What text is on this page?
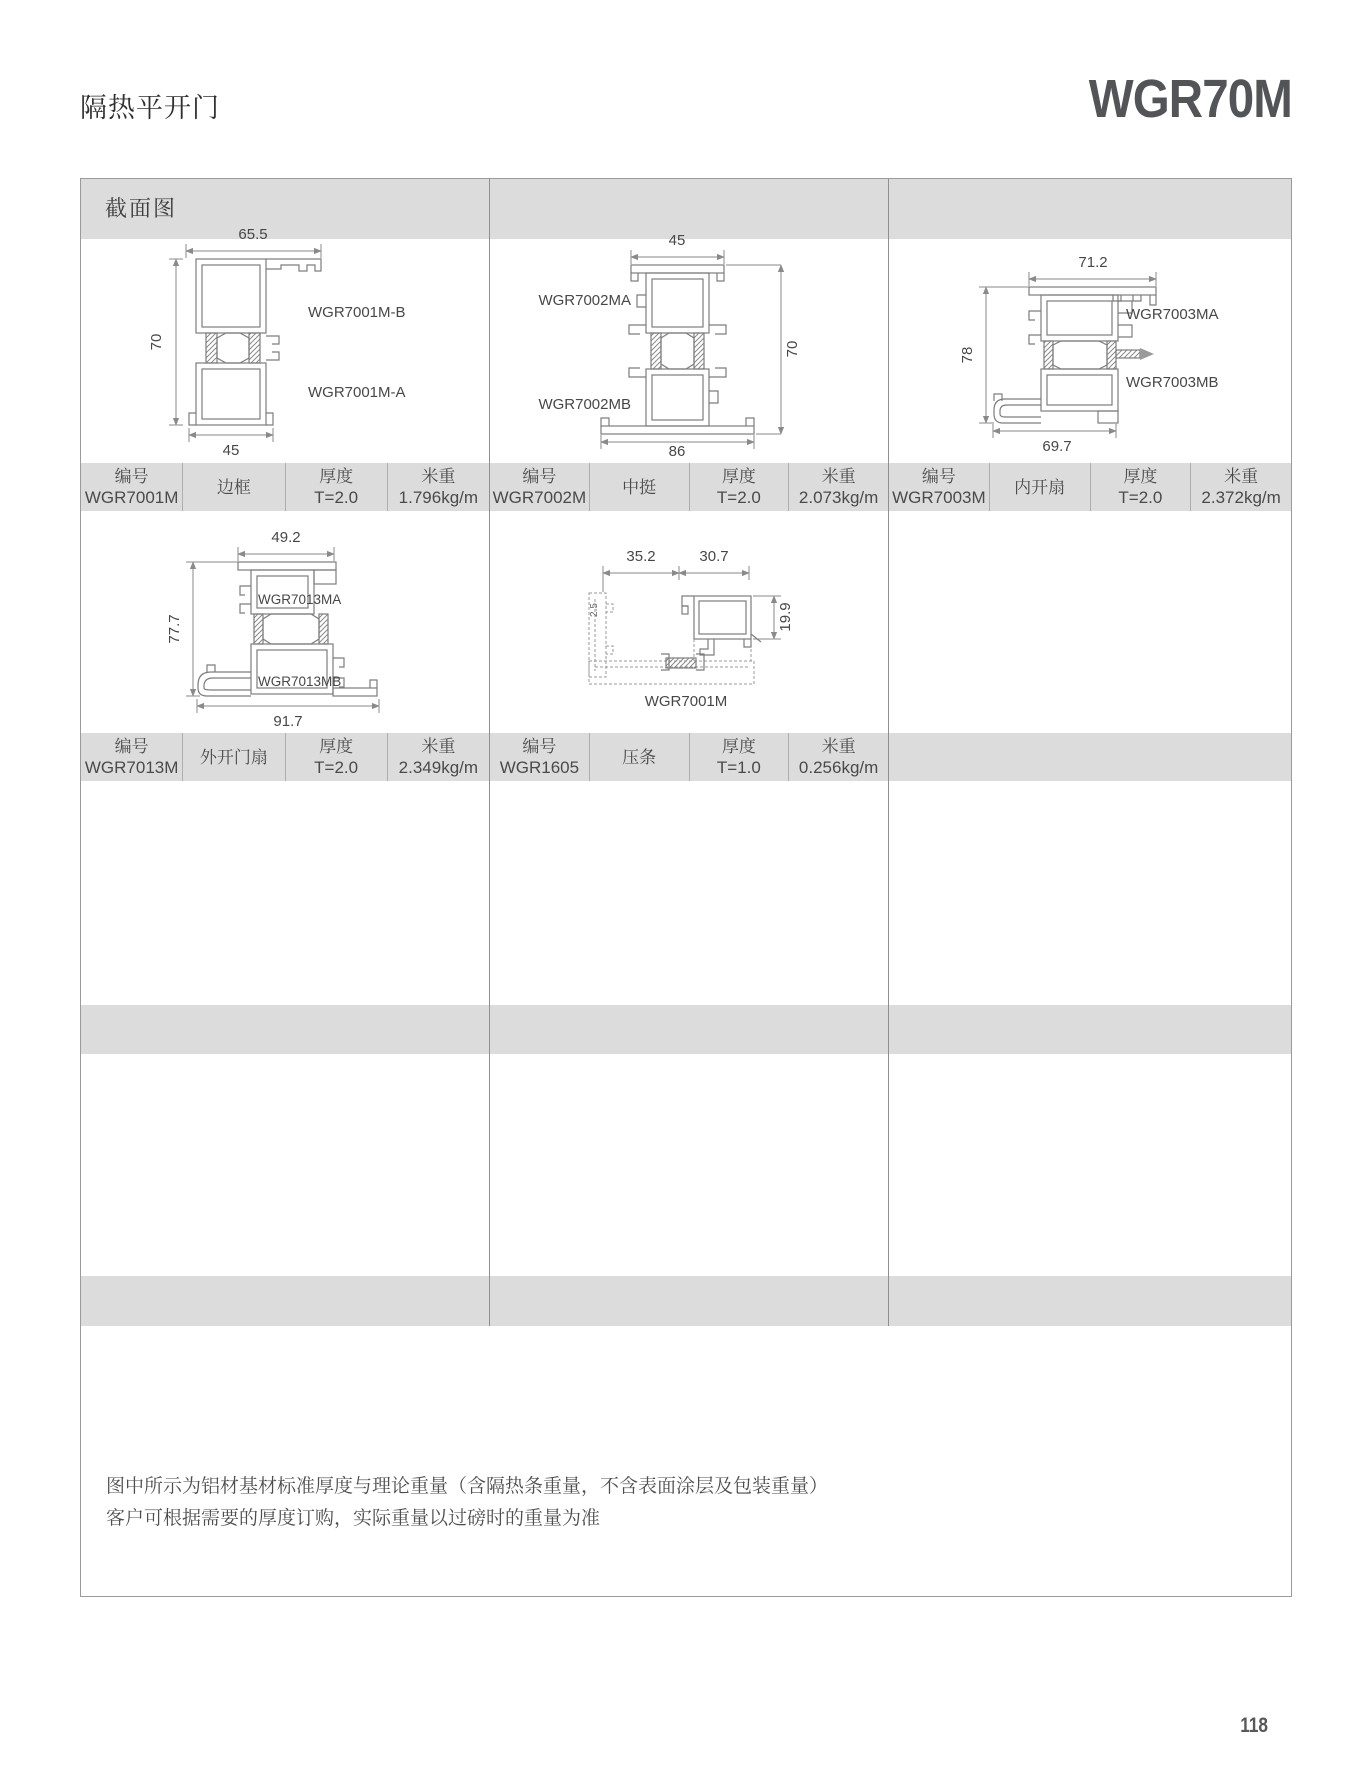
隔热平开门	WGR70M
截面图
65.5
70
45
WGR7001M-B
WGR7001M-A
45
70
86
WGR7002MA
WGR7002MB
71.2
78
69.7
WGR7003MA
WGR7003MB
49.2
77.7
91.7
WGR7013MA
WGR7013MB
35.2	30.7
19.9
2.5
WGR7001M
编号
WGR7001M
边框
厚度
T=2.0
米重
1.796kg/m
编号
WGR7002M
中挺
厚度
T=2.0
米重
2.073kg/m
编号
WGR7003M
内开扇
厚度
T=2.0
米重
2.372kg/m
编号
WGR7013M
外开门扇
厚度
T=2.0
米重
2.349kg/m
编号
WGR1605
压条
厚度
T=1.0
米重
0.256kg/m
图中所示为铝材基材标准厚度与理论重量（含隔热条重量，不含表面涂层及包装重量）
客户可根据需要的厚度订购，实际重量以过磅时的重量为准
118
